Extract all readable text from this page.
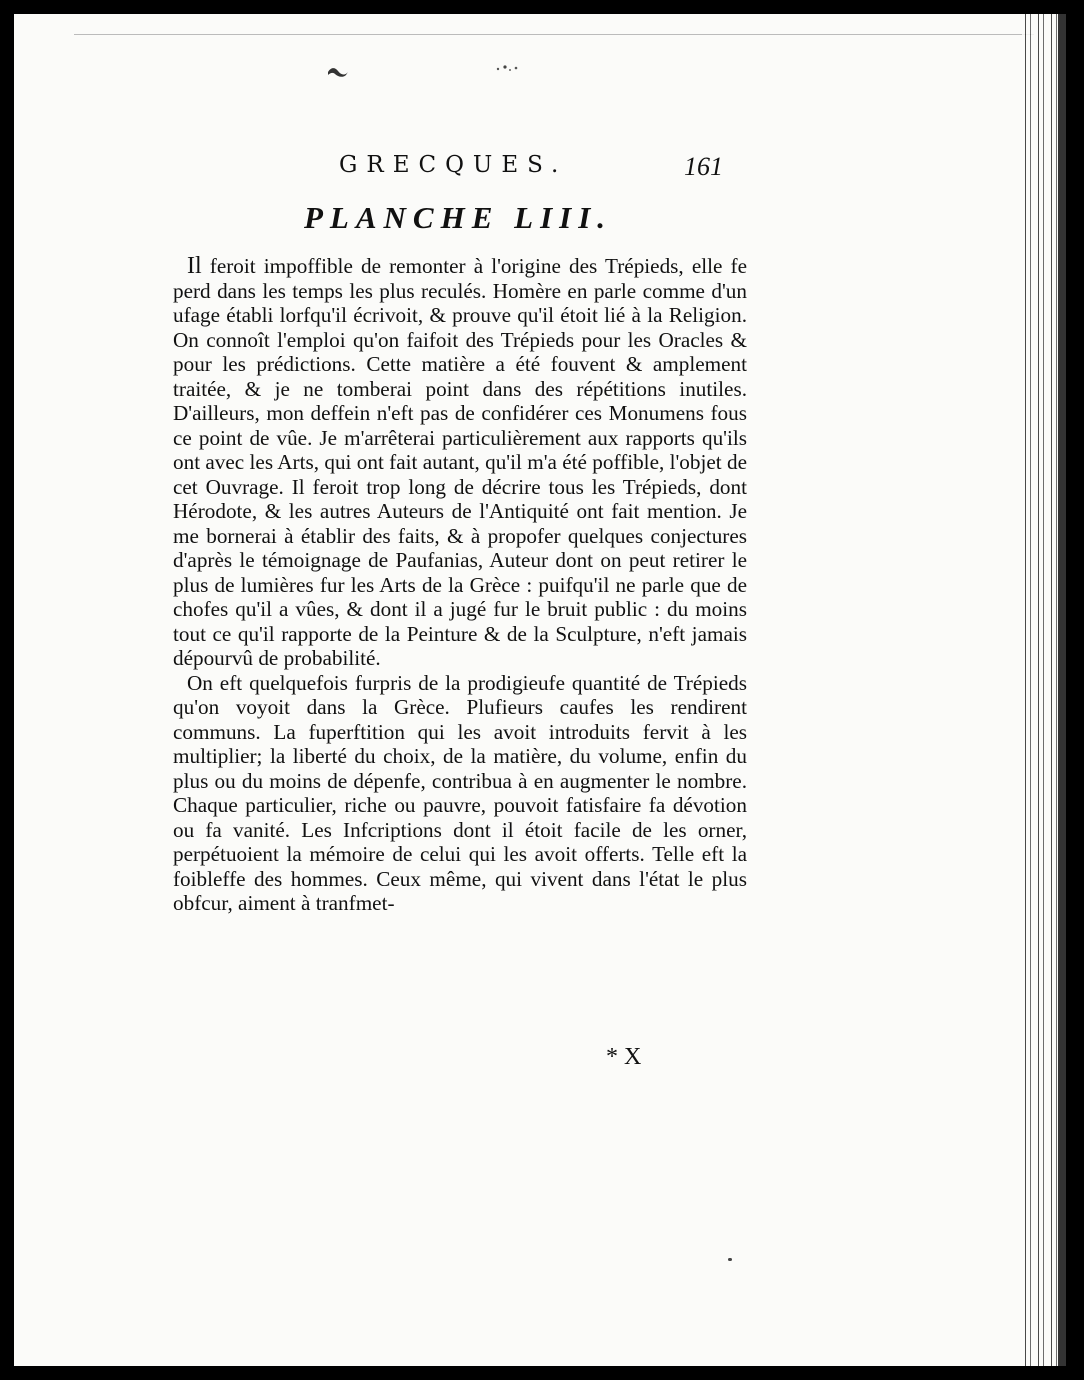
GRECQUES.	161
PLANCHE LIII.

Il feroit impoffible de remonter à l'origine des Trépieds, elle fe perd dans les temps les plus reculés. Homère en parle comme d'un ufage établi lorfqu'il écrivoit, & prouve qu'il étoit lié à la Religion. On connoît l'emploi qu'on faifoit des Trépieds pour les Oracles & pour les prédictions. Cette matière a été fouvent & amplement traitée, & je ne tomberai point dans des répétitions inutiles. D'ailleurs, mon deffein n'eft pas de confidérer ces Monumens fous ce point de vûe. Je m'arrêterai particulièrement aux rapports qu'ils ont avec les Arts, qui ont fait autant, qu'il m'a été poffible, l'objet de cet Ouvrage. Il feroit trop long de décrire tous les Trépieds, dont Hérodote, & les autres Auteurs de l'Antiquité ont fait mention. Je me bornerai à établir des faits, & à propofer quelques conjectures d'après le témoignage de Paufanias, Auteur dont on peut retirer le plus de lumières fur les Arts de la Grèce : puifqu'il ne parle que de chofes qu'il a vûes, & dont il a jugé fur le bruit public : du moins tout ce qu'il rapporte de la Peinture & de la Sculpture, n'eft jamais dépourvû de probabilité.

On eft quelquefois furpris de la prodigieufe quantité de Trépieds qu'on voyoit dans la Grèce. Plufieurs caufes les rendirent communs. La fuperftition qui les avoit introduits fervit à les multiplier; la liberté du choix, de la matière, du volume, enfin du plus ou du moins de dépenfe, contribua à en augmenter le nombre. Chaque particulier, riche ou pauvre, pouvoit fatisfaire fa dévotion ou fa vanité. Les Infcriptions dont il étoit facile de les orner, perpétuoient la mémoire de celui qui les avoit offerts. Telle eft la foibleffe des hommes. Ceux même, qui vivent dans l'état le plus obfcur, aiment à tranfmet-

* X
